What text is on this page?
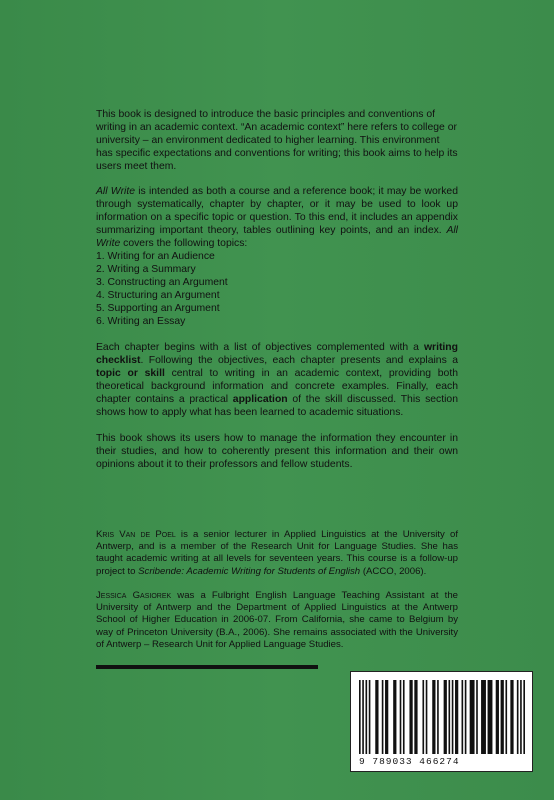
This book is designed to introduce the basic principles and conventions of writing in an academic context. “An academic context” here refers to college or university – an environment dedicated to higher learning. This environment has specific expectations and conventions for writing; this book aims to help its users meet them.

All Write is intended as both a course and a reference book; it may be worked through systematically, chapter by chapter, or it may be used to look up information on a specific topic or question. To this end, it includes an appendix summarizing important theory, tables outlining key points, and an index. All Write covers the following topics:

1. Writing for an Audience
2. Writing a Summary
3. Constructing an Argument
4. Structuring an Argument
5. Supporting an Argument
6. Writing an Essay

Each chapter begins with a list of objectives complemented with a writing checklist. Following the objectives, each chapter presents and explains a topic or skill central to writing in an academic context, providing both theoretical background information and concrete examples. Finally, each chapter contains a practical application of the skill discussed. This section shows how to apply what has been learned to academic situations.

This book shows its users how to manage the information they encounter in their studies, and how to coherently present this information and their own opinions about it to their professors and fellow students.

Kris Van de Poel is a senior lecturer in Applied Linguistics at the University of Antwerp, and is a member of the Research Unit for Language Studies. She has taught academic writing at all levels for seventeen years. This course is a follow-up project to Scribende: Academic Writing for Students of English (ACCO, 2006).

Jessica Gasiorek was a Fulbright English Language Teaching Assistant at the University of Antwerp and the Department of Applied Linguistics at the Antwerp School of Higher Education in 2006-07. From California, she came to Belgium by way of Princeton University (B.A., 2006). She remains associated with the University of Antwerp – Research Unit for Applied Language Studies.

9 789033 466274
